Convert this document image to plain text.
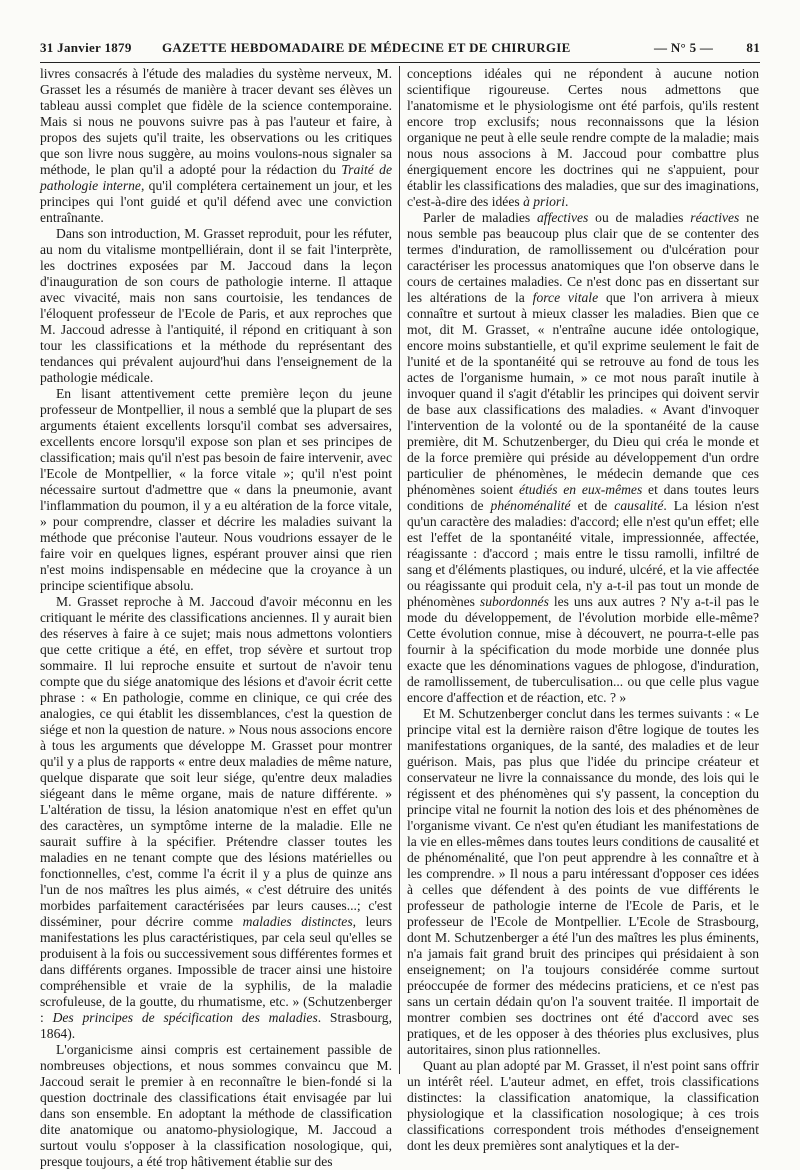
31 Janvier 1879 GAZETTE HEBDOMADAIRE DE MÉDECINE ET DE CHIRURGIE	— N° 5 —	81

livres consacrés à l'étude des maladies du système nerveux, M. Grasset les a résumés de manière à tracer devant ses élèves un tableau aussi complet que fidèle de la science contemporaine. Mais si nous ne pouvons suivre pas à pas l'auteur et faire, à propos des sujets qu'il traite, les observations ou les critiques que son livre nous suggère, au moins voulons-nous signaler sa méthode, le plan qu'il a adopté pour la rédaction du Traité de pathologie interne, qu'il complétera certainement un jour, et les principes qui l'ont guidé et qu'il défend avec une conviction entraînante.

Dans son introduction, M. Grasset reproduit, pour les réfuter, au nom du vitalisme montpelliérain, dont il se fait l'interprète, les doctrines exposées par M. Jaccoud dans la leçon d'inauguration de son cours de pathologie interne. Il attaque avec vivacité, mais non sans courtoisie, les tendances de l'éloquent professeur de l'Ecole de Paris, et aux reproches que M. Jaccoud adresse à l'antiquité, il répond en critiquant à son tour les classifications et la méthode du représentant des tendances qui prévalent aujourd'hui dans l'enseignement de la pathologie médicale.

En lisant attentivement cette première leçon du jeune professeur de Montpellier, il nous a semblé que la plupart de ses arguments étaient excellents lorsqu'il combat ses adversaires, excellents encore lorsqu'il expose son plan et ses principes de classification; mais qu'il n'est pas besoin de faire intervenir, avec l'Ecole de Montpellier, « la force vitale »; qu'il n'est point nécessaire surtout d'admettre que « dans la pneumonie, avant l'inflammation du poumon, il y a eu altération de la force vitale, » pour comprendre, classer et décrire les maladies suivant la méthode que préconise l'auteur. Nous voudrions essayer de le faire voir en quelques lignes, espérant prouver ainsi que rien n'est moins indispensable en médecine que la croyance à un principe scientifique absolu.

M. Grasset reproche à M. Jaccoud d'avoir méconnu en les critiquant le mérite des classifications anciennes. Il y aurait bien des réserves à faire à ce sujet; mais nous admettons volontiers que cette critique a été, en effet, trop sévère et surtout trop sommaire. Il lui reproche ensuite et surtout de n'avoir tenu compte que du siége anatomique des lésions et d'avoir écrit cette phrase : « En pathologie, comme en clinique, ce qui crée des analogies, ce qui établit les dissemblances, c'est la question de siége et non la question de nature. » Nous nous associons encore à tous les arguments que développe M. Grasset pour montrer qu'il y a plus de rapports « entre deux maladies de même nature, quelque disparate que soit leur siége, qu'entre deux maladies siégeant dans le même organe, mais de nature différente. » L'altération de tissu, la lésion anatomique n'est en effet qu'un des caractères, un symptôme interne de la maladie. Elle ne saurait suffire à la spécifier. Prétendre classer toutes les maladies en ne tenant compte que des lésions matérielles ou fonctionnelles, c'est, comme l'a écrit il y a plus de quinze ans l'un de nos maîtres les plus aimés, « c'est détruire des unités morbides parfaitement caractérisées par leurs causes...; c'est disséminer, pour décrire comme maladies distinctes, leurs manifestations les plus caractéristiques, par cela seul qu'elles se produisent à la fois ou successivement sous différentes formes et dans différents organes. Impossible de tracer ainsi une histoire compréhensible et vraie de la syphilis, de la maladie scrofuleuse, de la goutte, du rhumatisme, etc. » (Schutzenberger : Des principes de spécification des maladies. Strasbourg, 1864).

L'organicisme ainsi compris est certainement passible de nombreuses objections, et nous sommes convaincu que M. Jaccoud serait le premier à en reconnaître le bien-fondé si la question doctrinale des classifications était envisagée par lui dans son ensemble. En adoptant la méthode de classification dite anatomique ou anatomo-physiologique, M. Jaccoud a surtout voulu s'opposer à la classification nosologique, qui, presque toujours, a été trop hâtivement établie sur des

conceptions idéales qui ne répondent à aucune notion scientifique rigoureuse. Certes nous admettons que l'anatomisme et le physiologisme ont été parfois, qu'ils restent encore trop exclusifs; nous reconnaissons que la lésion organique ne peut à elle seule rendre compte de la maladie; mais nous nous associons à M. Jaccoud pour combattre plus énergiquement encore les doctrines qui ne s'appuient, pour établir les classifications des maladies, que sur des imaginations, c'est-à-dire des idées à priori.

Parler de maladies affectives ou de maladies réactives ne nous semble pas beaucoup plus clair que de se contenter des termes d'induration, de ramollissement ou d'ulcération pour caractériser les processus anatomiques que l'on observe dans le cours de certaines maladies. Ce n'est donc pas en dissertant sur les altérations de la force vitale que l'on arrivera à mieux connaître et surtout à mieux classer les maladies. Bien que ce mot, dit M. Grasset, « n'entraîne aucune idée ontologique, encore moins substantielle, et qu'il exprime seulement le fait de l'unité et de la spontanéité qui se retrouve au fond de tous les actes de l'organisme humain, » ce mot nous paraît inutile à invoquer quand il s'agit d'établir les principes qui doivent servir de base aux classifications des maladies. « Avant d'invoquer l'intervention de la volonté ou de la spontanéité de la cause première, dit M. Schutzenberger, du Dieu qui créa le monde et de la force première qui préside au développement d'un ordre particulier de phénomènes, le médecin demande que ces phénomènes soient étudiés en eux-mêmes et dans toutes leurs conditions de phénoménalité et de causalité. La lésion n'est qu'un caractère des maladies: d'accord; elle n'est qu'un effet; elle est l'effet de la spontanéité vitale, impressionnée, affectée, réagissante : d'accord ; mais entre le tissu ramolli, infiltré de sang et d'éléments plastiques, ou induré, ulcéré, et la vie affectée ou réagissante qui produit cela, n'y a-t-il pas tout un monde de phénomènes subordonnés les uns aux autres ? N'y a-t-il pas le mode du développement, de l'évolution morbide elle-même? Cette évolution connue, mise à découvert, ne pourra-t-elle pas fournir à la spécification du mode morbide une donnée plus exacte que les dénominations vagues de phlogose, d'induration, de ramollissement, de tuberculisation... ou que celle plus vague encore d'affection et de réaction, etc. ? »

Et M. Schutzenberger conclut dans les termes suivants : « Le principe vital est la dernière raison d'être logique de toutes les manifestations organiques, de la santé, des maladies et de leur guérison. Mais, pas plus que l'idée du principe créateur et conservateur ne livre la connaissance du monde, des lois qui le régissent et des phénomènes qui s'y passent, la conception du principe vital ne fournit la notion des lois et des phénomènes de l'organisme vivant. Ce n'est qu'en étudiant les manifestations de la vie en elles-mêmes dans toutes leurs conditions de causalité et de phénoménalité, que l'on peut apprendre à les connaître et à les comprendre. » Il nous a paru intéressant d'opposer ces idées à celles que défendent à des points de vue différents le professeur de pathologie interne de l'Ecole de Paris, et le professeur de l'Ecole de Montpellier. L'Ecole de Strasbourg, dont M. Schutzenberger a été l'un des maîtres les plus éminents, n'a jamais fait grand bruit des principes qui présidaient à son enseignement; on l'a toujours considérée comme surtout préoccupée de former des médecins praticiens, et ce n'est pas sans un certain dédain qu'on l'a souvent traitée. Il importait de montrer combien ses doctrines ont été d'accord avec ses pratiques, et de les opposer à des théories plus exclusives, plus autoritaires, sinon plus rationnelles.

Quant au plan adopté par M. Grasset, il n'est point sans offrir un intérêt réel. L'auteur admet, en effet, trois classifications distinctes: la classification anatomique, la classification physiologique et la classification nosologique; à ces trois classifications correspondent trois méthodes d'enseignement dont les deux premières sont analytiques et la der-
